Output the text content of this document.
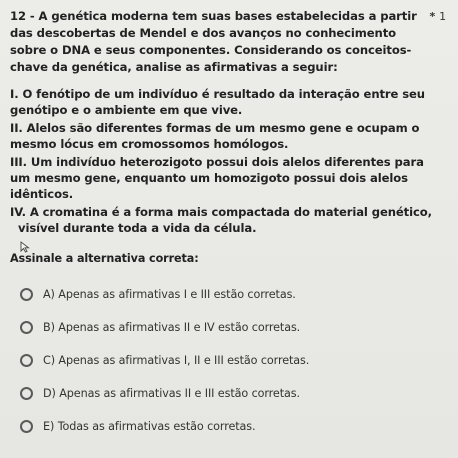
12 - A genética moderna tem suas bases estabelecidas a partir
das descobertas de Mendel e dos avanços no conhecimento
sobre o DNA e seus componentes. Considerando os conceitos-
chave da genética, analise as afirmativas a seguir:
* 1
I. O fenótipo de um indivíduo é resultado da interação entre seu
genótipo e o ambiente em que vive.
II. Alelos são diferentes formas de um mesmo gene e ocupam o
mesmo lócus em cromossomos homólogos.
III. Um indivíduo heterozigoto possui dois alelos diferentes para
um mesmo gene, enquanto um homozigoto possui dois alelos
idênticos.
IV. A cromatina é a forma mais compactada do material genético,
visível durante toda a vida da célula.
Assinale a alternativa correta:
A) Apenas as afirmativas I e III estão corretas.
B) Apenas as afirmativas II e IV estão corretas.
C) Apenas as afirmativas I, II e III estão corretas.
D) Apenas as afirmativas II e III estão corretas.
E) Todas as afirmativas estão corretas.
